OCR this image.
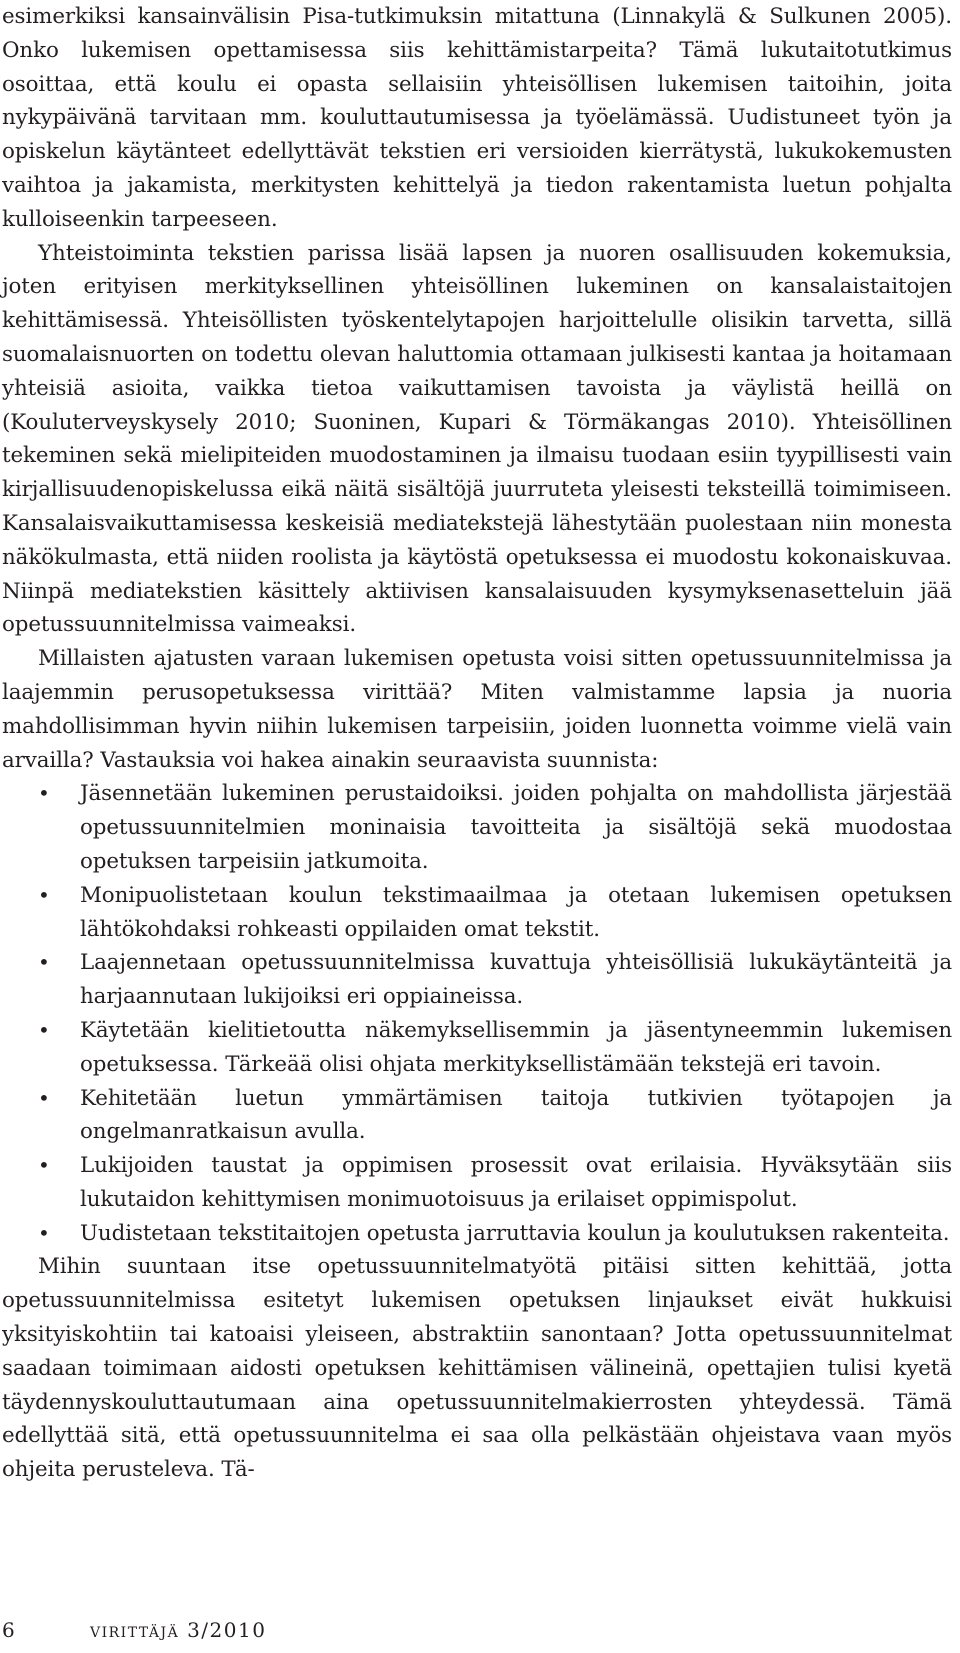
esimerkiksi kansainvälisin Pisa-tutkimuksin mitattuna (Linnakylä & Sulkunen 2005). Onko lukemisen opettamisessa siis kehittämistarpeita? Tämä lukutaitotutkimus osoittaa, että koulu ei opasta sellaisiin yhteisöllisen lukemisen taitoihin, joita nykypäivänä tarvitaan mm. kouluttautumisessa ja työelämässä. Uudistuneet työn ja opiskelun käytänteet edellyttävät tekstien eri versioiden kierrätystä, lukukokemusten vaihtoa ja jakamista, merkitysten kehittelyä ja tiedon rakentamista luetun pohjalta kulloiseenkin tarpeeseen.

Yhteistoiminta tekstien parissa lisää lapsen ja nuoren osallisuuden kokemuksia, joten erityisen merkityksellinen yhteisöllinen lukeminen on kansalaistaitojen kehittämisessä. Yhteisöllisten työskentelytapojen harjoittelulle olisikin tarvetta, sillä suomalaisnuorten on todettu olevan haluttomia ottamaan julkisesti kantaa ja hoitamaan yhteisiä asioita, vaikka tietoa vaikuttamisen tavoista ja väylistä heillä on (Kouluterveyskysely 2010; Suoninen, Kupari & Törmäkangas 2010). Yhteisöllinen tekeminen sekä mielipiteiden muodostaminen ja ilmaisu tuodaan esiin tyypillisesti vain kirjallisuudenopiskelussa eikä näitä sisältöjä juurruteta yleisesti teksteillä toimimiseen. Kansalaisvaikuttamisessa keskeisiä mediatekstejä lähestytään puolestaan niin monesta näkökulmasta, että niiden roolista ja käytöstä opetuksessa ei muodostu kokonaiskuvaa. Niinpä mediatekstien käsittely aktiivisen kansalaisuuden kysymyksenasetteluin jää opetussuunnitelmissa vaimeaksi.

Millaisten ajatusten varaan lukemisen opetusta voisi sitten opetussuunnitelmissa ja laajemmin perusopetuksessa virittää? Miten valmistamme lapsia ja nuoria mahdollisimman hyvin niihin lukemisen tarpeisiin, joiden luonnetta voimme vielä vain arvailla? Vastauksia voi hakea ainakin seuraavista suunnista:

• Jäsennetään lukeminen perustaidoiksi. joiden pohjalta on mahdollista järjestää opetussuunnitelmien moninaisia tavoitteita ja sisältöjä sekä muodostaa opetuksen tarpeisiin jatkumoita.
• Monipuolistetaan koulun tekstimaailmaa ja otetaan lukemisen opetuksen lähtökohdaksi rohkeasti oppilaiden omat tekstit.
• Laajennetaan opetussuunnitelmissa kuvattuja yhteisöllisiä lukukäytänteitä ja harjaannutaan lukijoiksi eri oppiaineissa.
• Käytetään kielitietoutta näkemyksellisemmin ja jäsentyneemmin lukemisen opetuksessa. Tärkeää olisi ohjata merkityksellistämään tekstejä eri tavoin.
• Kehitetään luetun ymmärtämisen taitoja tutkivien työtapojen ja ongelmanratkaisun avulla.
• Lukijoiden taustat ja oppimisen prosessit ovat erilaisia. Hyväksytään siis lukutaidon kehittymisen monimuotoisuus ja erilaiset oppimispolut.
• Uudistetaan tekstitaitojen opetusta jarruttavia koulun ja koulutuksen rakenteita.

Mihin suuntaan itse opetussuunnitelmatyötä pitäisi sitten kehittää, jotta opetussuunnitelmissa esitetyt lukemisen opetuksen linjaukset eivät hukkuisi yksityiskohtiin tai katoaisi yleiseen, abstraktiin sanontaan? Jotta opetussuunnitelmat saadaan toimimaan aidosti opetuksen kehittämisen välineinä, opettajien tulisi kyetä täydennyskouluttautumaan aina opetussuunnitelmakierrosten yhteydessä. Tämä edellyttää sitä, että opetussuunnitelma ei saa olla pelkästään ohjeistava vaan myös ohjeita perusteleva. Tä-

6	virittäjä 3/2010
